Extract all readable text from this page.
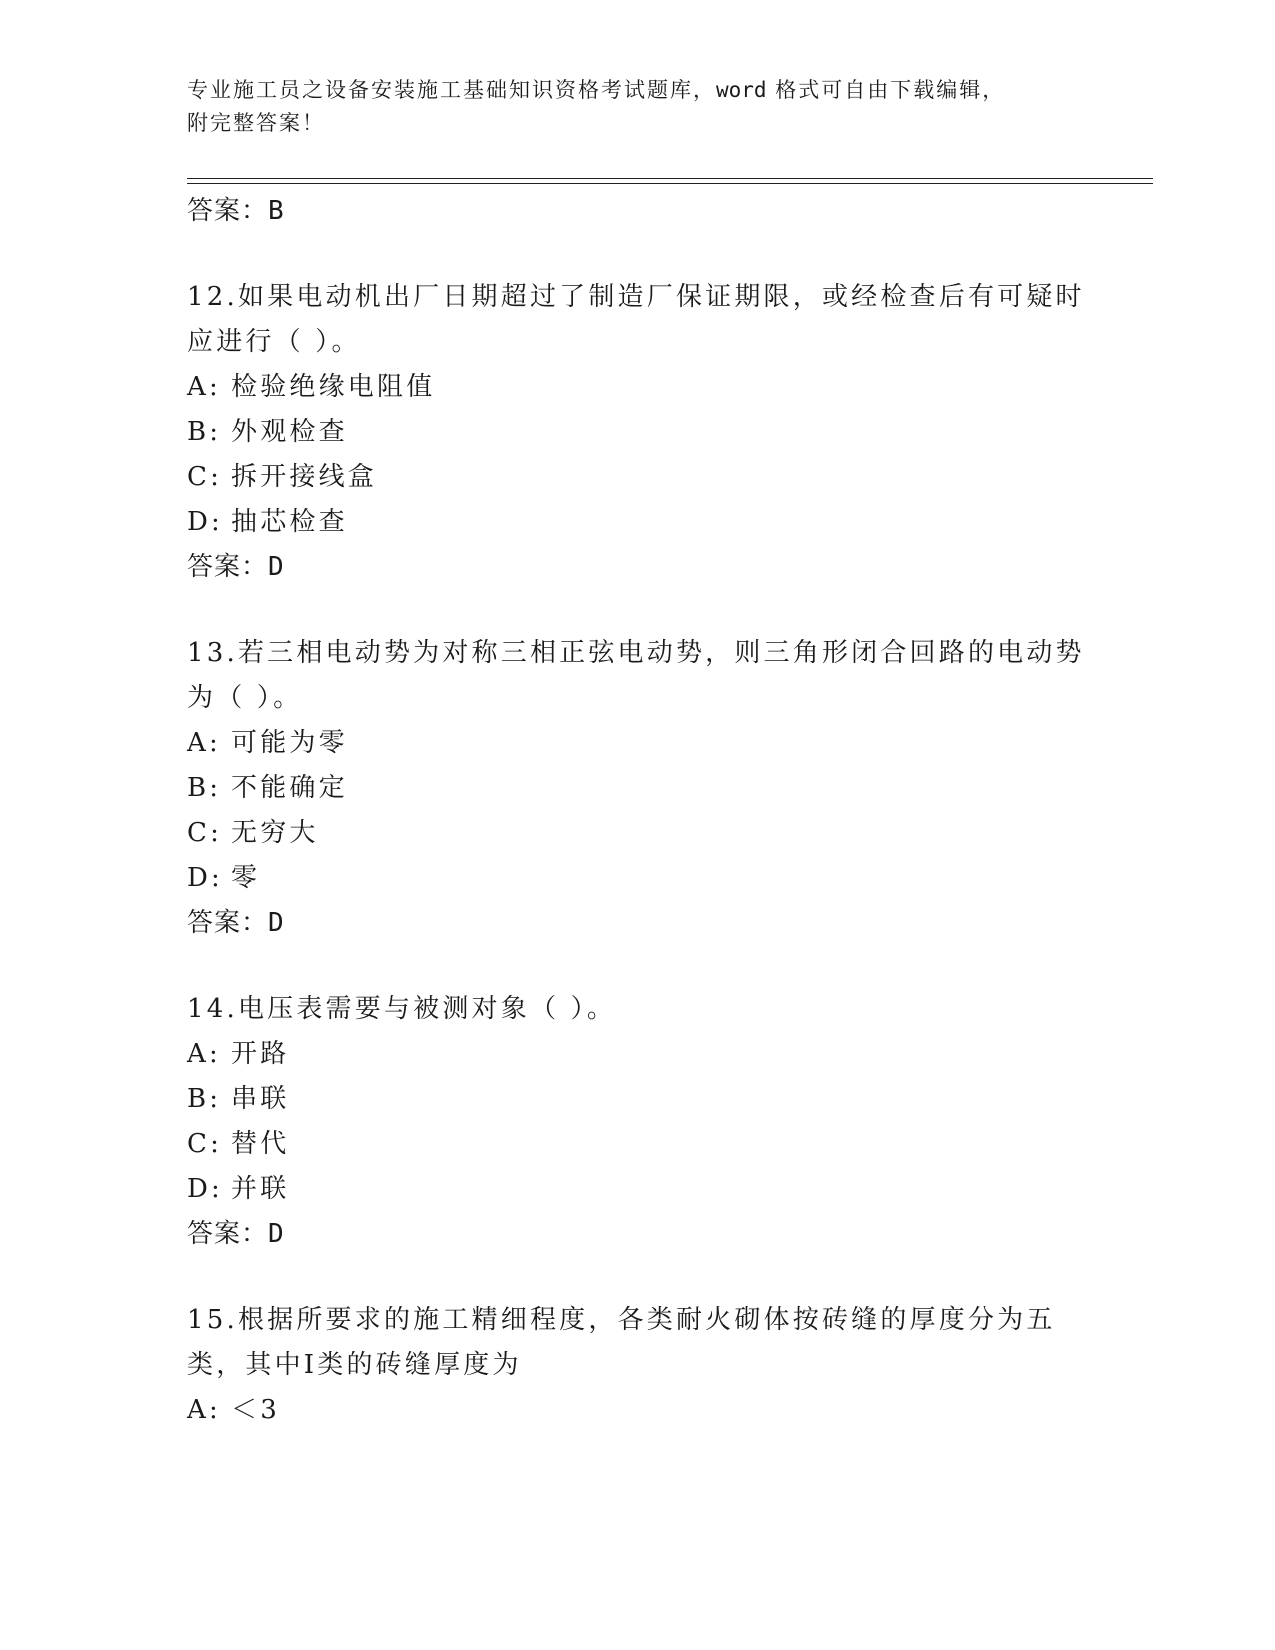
专业施工员之设备安装施工基础知识资格考试题库，word 格式可自由下载编辑，
附完整答案！
答案：B
12.如果电动机出厂日期超过了制造厂保证期限，或经检查后有可疑时应进行（ ）。
A: 检验绝缘电阻值
B: 外观检查
C: 拆开接线盒
D: 抽芯检查
答案：D
13.若三相电动势为对称三相正弦电动势，则三角形闭合回路的电动势为（ ）。
A: 可能为零
B: 不能确定
C: 无穷大
D: 零
答案：D
14.电压表需要与被测对象（ ）。
A: 开路
B: 串联
C: 替代
D: 并联
答案：D
15.根据所要求的施工精细程度，各类耐火砌体按砖缝的厚度分为五类，其中Ⅰ类的砖缝厚度为
A: ＜3
